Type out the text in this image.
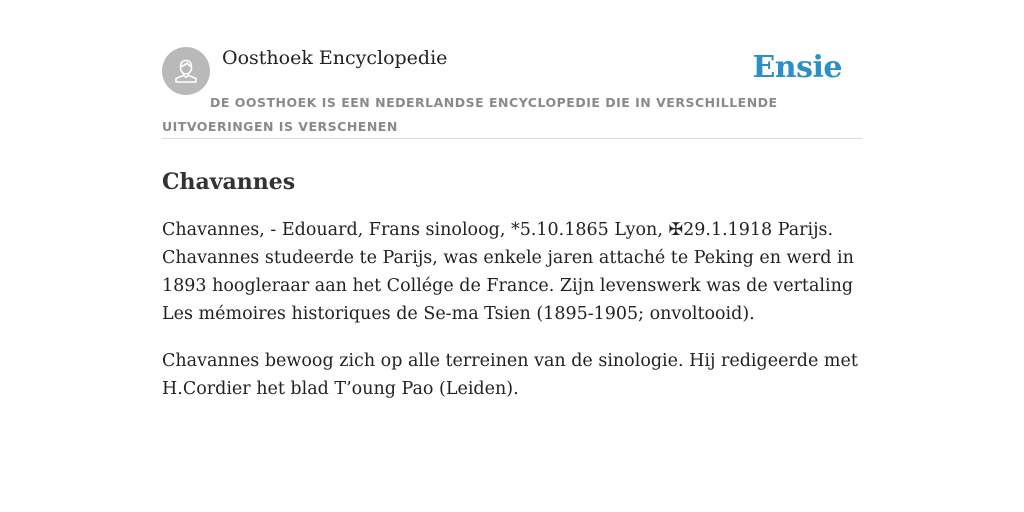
Oosthoek Encyclopedie	Ensie
DE OOSTHOEK IS EEN NEDERLANDSE ENCYCLOPEDIE DIE IN VERSCHILLENDE UITVOERINGEN IS VERSCHENEN
Chavannes

Chavannes, - Edouard, Frans sinoloog, *5.10.1865 Lyon, ✠29.1.1918 Parijs. Chavannes studeerde te Parijs, was enkele jaren attaché te Peking en werd in 1893 hoogleraar aan het Collége de France. Zijn levenswerk was de vertaling Les mémoires historiques de Se-ma Tsien (1895-1905; onvoltooid).

Chavannes bewoog zich op alle terreinen van de sinologie. Hij redigeerde met H.Cordier het blad T’oung Pao (Leiden).
